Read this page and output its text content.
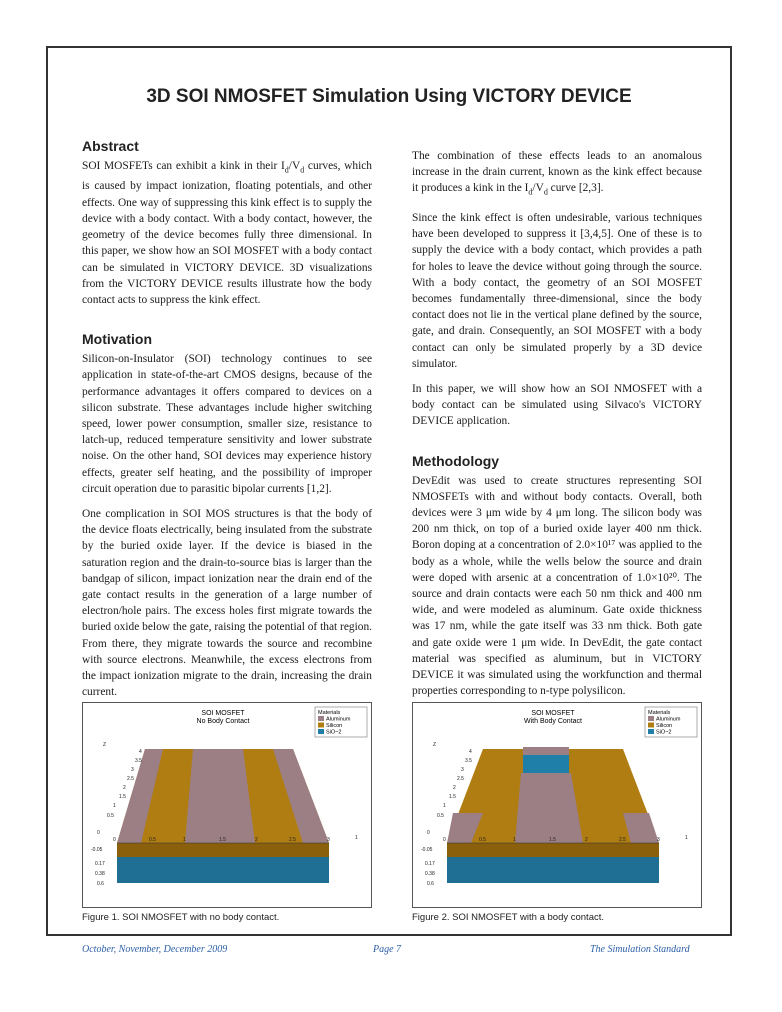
3D SOI NMOSFET Simulation Using VICTORY DEVICE
Abstract

SOI MOSFETs can exhibit a kink in their $I_d/V_d$ curves, which is caused by impact ionization, floating potentials, and other effects. One way of suppressing this kink effect is to supply the device with a body contact. With a body contact, however, the geometry of the device becomes fully three dimensional. In this paper, we show how an SOI MOSFET with a body contact can be simulated in VICTORY DEVICE. 3D visualizations from the VICTORY DEVICE results illustrate how the body contact acts to suppress the kink effect.

Motivation

Silicon-on-Insulator (SOI) technology continues to see application in state-of-the-art CMOS designs, because of the performance advantages it offers compared to devices on a silicon substrate. These advantages include higher switching speed, lower power consumption, smaller size, resistance to latch-up, reduced temperature sensitivity and lower substrate noise. On the other hand, SOI devices may experience history effects, greater self heating, and the possibility of improper circuit operation due to parasitic bipolar currents [1,2].

One complication in SOI MOS structures is that the body of the device floats electrically, being insulated from the substrate by the buried oxide layer. If the device is biased in the saturation region and the drain-to-source bias is larger than the bandgap of silicon, impact ionization near the drain end of the gate contact results in the generation of a large number of electron/hole pairs. The excess holes first migrate towards the buried oxide below the gate, raising the potential of that region. From there, they migrate towards the source and recombine with source electrons. Meanwhile, the excess electrons from the impact ionization migrate to the drain, increasing the drain current.

The combination of these effects leads to an anomalous increase in the drain current, known as the kink effect because it produces a kink in the $I_d/V_d$ curve [2,3].

Since the kink effect is often undesirable, various techniques have been developed to suppress it [3,4,5]. One of these is to supply the device with a body contact, which provides a path for holes to leave the device without going through the source. With a body contact, the geometry of an SOI MOSFET becomes fundamentally three-dimensional, since the body contact does not lie in the vertical plane defined by the source, gate, and drain. Consequently, an SOI MOSFET with a body contact can only be simulated properly by a 3D device simulator.

In this paper, we will show how an SOI NMOSFET with a body contact can be simulated using Silvaco's VICTORY DEVICE application.

Methodology

DevEdit was used to create structures representing SOI NMOSFETs with and without body contacts. Overall, both devices were 3 μm wide by 4 μm long. The silicon body was 200 nm thick, on top of a buried oxide layer 400 nm thick. Boron doping at a concentration of 2.0×10¹⁷ was applied to the body as a whole, while the wells below the source and drain were doped with arsenic at a concentration of 1.0×10²⁰. The source and drain contacts were each 50 nm thick and 400 nm wide, and were modeled as aluminum. Gate oxide thickness was 17 nm, while the gate itself was 33 nm thick. Both gate and gate oxide were 1 μm wide. In DevEdit, the gate contact material was specified as aluminum, but in VICTORY DEVICE it was simulated using the workfunction and thermal properties corresponding to n-type polysilicon.

SOI MOSFET
No Body Contact
Materials
Aluminum
Silicon
SiO~2
Z
0
-0.05
0.17
0.38
0.6
0	0.5	1	1.5	2	2.5	3	1
4
3.5
3
2.5
2
1.5
1
0.5
SOI MOSFET
With Body Contact
Materials
Aluminum
Silicon
SiO~2
Z
0
-0.05
0.17
0.38
0.6
0	0.5	1	1.5	2	2.5	3	1
4
3.5
3
2.5
2
1.5
1
0.5
Figure 1. SOI NMOSFET with no body contact.	Figure 2. SOI NMOSFET with a body contact.
October, November, December 2009	Page 7	The Simulation Standard
